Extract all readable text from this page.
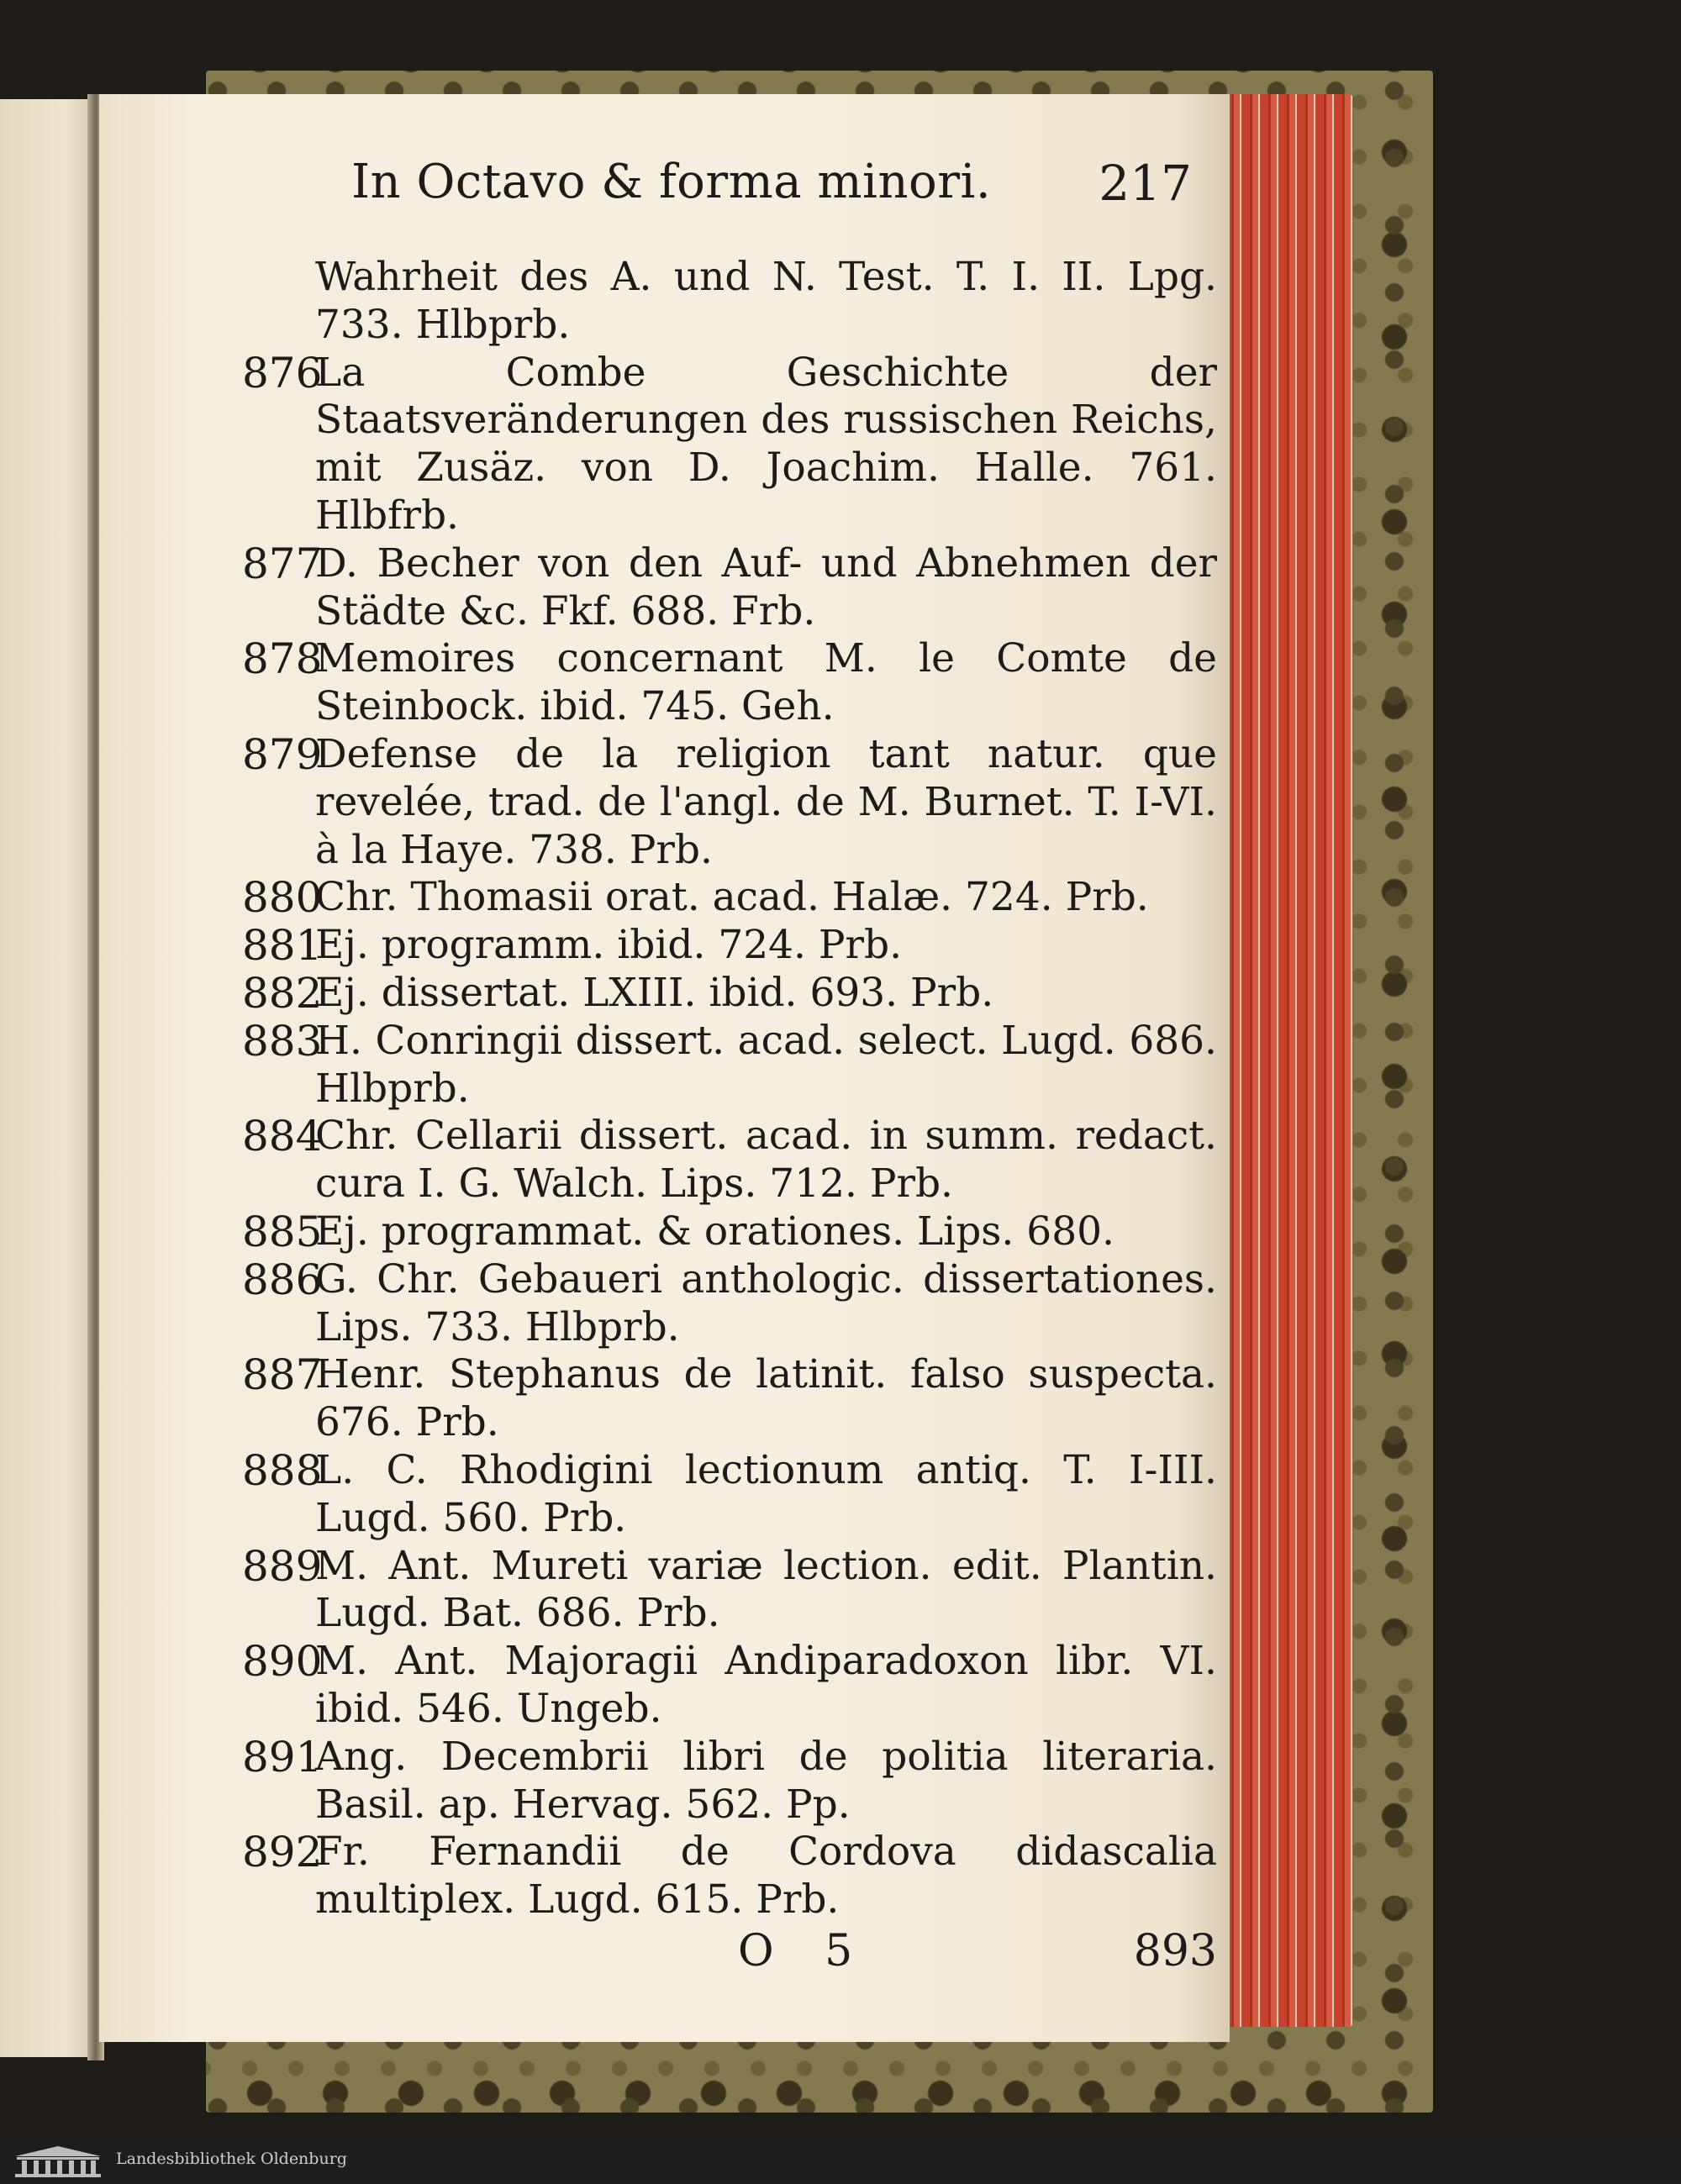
In Octavo & forma minori. 217
Wahrheit des A. und N. Test. T. I. II. Lpg. 733. Hlbprb.
876
La Combe Geschichte der Staatsveränderungen des russischen Reichs, mit Zusäz. von D. Joachim. Halle. 761. Hlbfrb.
877
D. Becher von den Auf- und Abnehmen der Städte &c. Fkf. 688. Frb.
878
Memoires concernant M. le Comte de Steinbock. ibid. 745. Geh.
879
Defense de la religion tant natur. que revelée, trad. de l'angl. de M. Burnet. T. I-VI. à la Haye. 738. Prb.
880
Chr. Thomasii orat. acad. Halæ. 724. Prb.
881
Ej. programm. ibid. 724. Prb.
882
Ej. dissertat. LXIII. ibid. 693. Prb.
883
H. Conringii dissert. acad. select. Lugd. 686. Hlbprb.
884
Chr. Cellarii dissert. acad. in summ. redact. cura I. G. Walch. Lips. 712. Prb.
885
Ej. programmat. & orationes. Lips. 680.
886
G. Chr. Gebaueri anthologic. dissertationes. Lips. 733. Hlbprb.
887
Henr. Stephanus de latinit. falso suspecta. 676. Prb.
888
L. C. Rhodigini lectionum antiq. T. I-III. Lugd. 560. Prb.
889
M. Ant. Mureti variæ lection. edit. Plantin. Lugd. Bat. 686. Prb.
890
M. Ant. Majoragii Andiparadoxon libr. VI. ibid. 546. Ungeb.
891
Ang. Decembrii libri de politia literaria. Basil. ap. Hervag. 562. Pp.
892
Fr. Fernandii de Cordova didascalia multiplex. Lugd. 615. Prb.
O 5	893
Landesbibliothek Oldenburg
